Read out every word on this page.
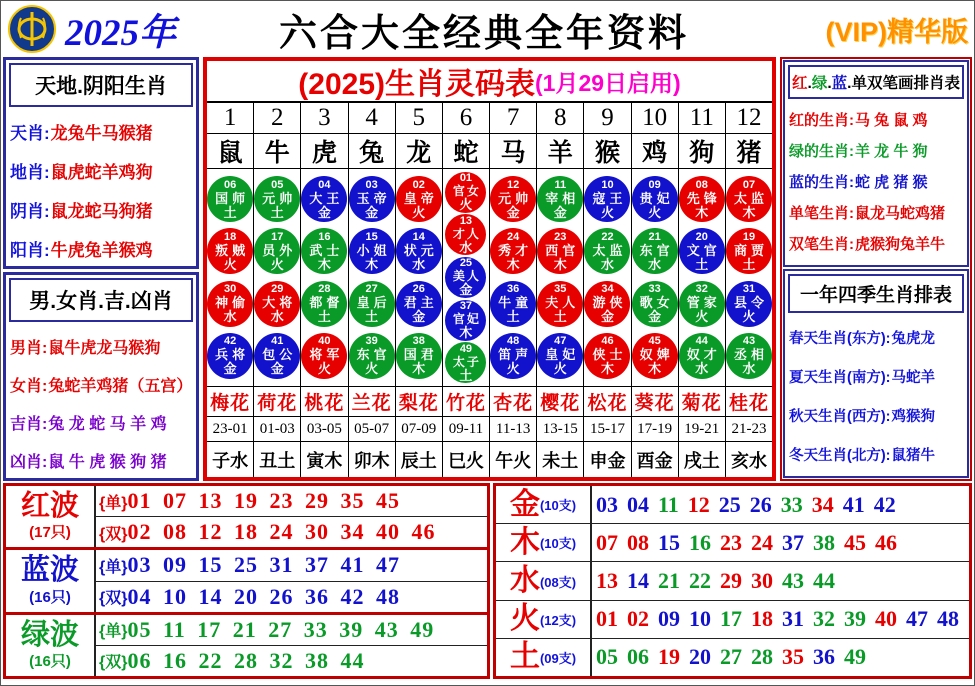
2025年	六合大全经典全年资料	(VIP)精华版
天地.阴阳生肖
天肖: 龙兔牛马猴猪
地肖: 鼠虎蛇羊鸡狗
阴肖: 鼠龙蛇马狗猪
阳肖: 牛虎兔羊猴鸡
男.女肖.吉.凶肖
男肖: 鼠牛虎龙马猴狗
女肖: 兔蛇羊鸡猪（五宫）
吉肖: 兔 龙 蛇 马 羊 鸡
凶肖: 鼠 牛 虎 猴 狗 猪
(2025)生肖灵码表 (1月29日启用)
1
鼠
06
国师
土
18
叛贼
火
30
神偷
水
42
兵将
金
梅花
23-01
子水
2
牛
05
元帅
土
17
员外
火
29
大将
水
41
包公
金
荷花
01-03
丑土
3
虎
04
大王
金
16
武士
木
28
都督
土
40
将军
火
桃花
03-05
寅木
4
兔
03
玉帝
金
15
小姐
木
27
皇后
土
39
东官
火
兰花
05-07
卯木
5
龙
02
皇帝
火
14
状元
水
26
君主
金
38
国君
木
梨花
07-09
辰土
6
蛇
01
官女
火
13
才人
水
25
美人
金
37
官妃
木
49
太子
土
竹花
09-11
巳火
7
马
12
元帅
金
24
秀才
木
36
牛童
土
48
笛声
火
杏花
11-13
午火
8
羊
11
宰相
金
23
西官
木
35
夫人
土
47
皇妃
火
樱花
13-15
未土
9
猴
10
寇王
火
22
太监
水
34
游侠
金
46
侠士
木
松花
15-17
申金
10
鸡
09
贵妃
火
21
东官
水
33
歌女
金
45
奴婢
木
葵花
17-19
酉金
11
狗
08
先锋
木
20
文官
土
32
管家
火
44
奴才
水
菊花
19-21
戌土
12
猪
07
太监
木
19
商贾
土
31
县令
火
43
丞相
水
桂花
21-23
亥水
红.绿.蓝.单双笔画排肖表
红的生肖: 马 兔 鼠 鸡
绿的生肖: 羊 龙 牛 狗
蓝的生肖: 蛇 虎 猪 猴
单笔生肖: 鼠龙马蛇鸡猪
双笔生肖: 虎猴狗兔羊牛
一年四季生肖排表
春天生肖(东方): 兔虎龙
夏天生肖(南方): 马蛇羊
秋天生肖(西方): 鸡猴狗
冬天生肖(北方): 鼠猪牛
红波
(17只)
{单} 01 07 13 19 23 29 35 45
{双} 02 08 12 18 24 30 34 40 46
蓝波
(16只)
{单} 03 09 15 25 31 37 41 47
{双} 04 10 14 20 26 36 42 48
绿波
(16只)
{单} 05 11 17 21 27 33 39 43 49
{双} 06 16 22 28 32 38 44
金 (10支) 03 04 11 12 25 26 33 34 41 42
木 (10支) 07 08 15 16 23 24 37 38 45 46
水 (08支) 13 14 21 22 29 30 43 44
火 (12支) 01 02 09 10 17 18 31 32 39 40 47 48
土 (09支) 05 06 19 20 27 28 35 36 49
